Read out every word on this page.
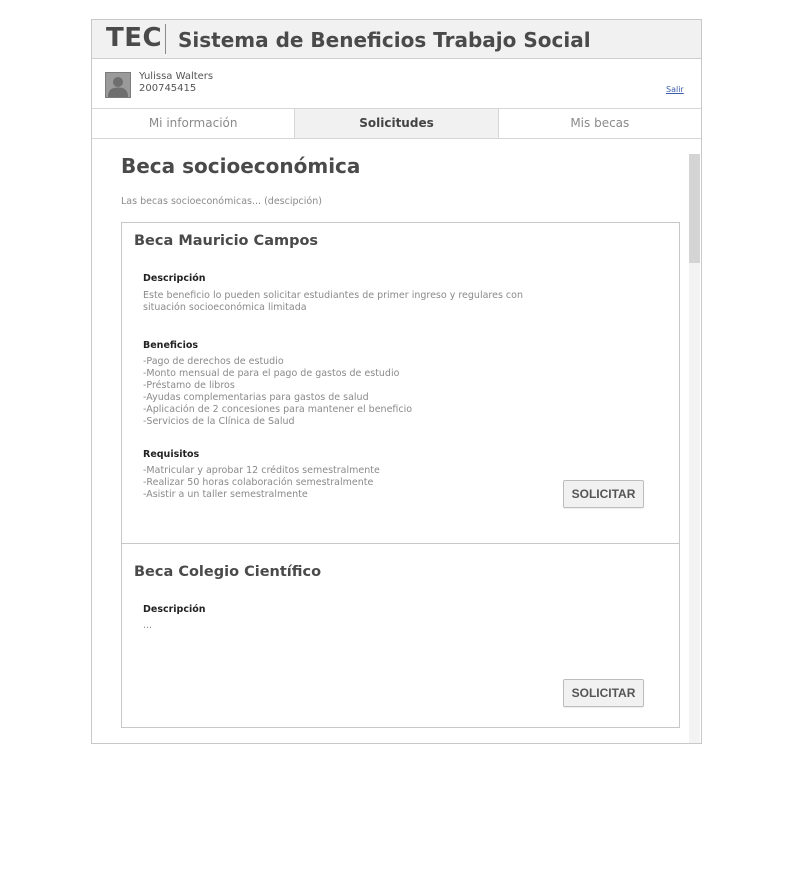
TEC Sistema de Beneficios Trabajo Social
Yulissa Walters
200745415	Salir
Mi información	Solicitudes	Mis becas
Beca socioeconómica
Las becas socioeconómicas... (descipción)
Beca Mauricio Campos
Descripción
Este beneficio lo pueden solicitar estudiantes de primer ingreso y regulares con
situación socioeconómica limitada
Beneficios
-Pago de derechos de estudio
-Monto mensual de para el pago de gastos de estudio
-Préstamo de libros
-Ayudas complementarias para gastos de salud
-Aplicación de 2 concesiones para mantener el beneficio
-Servicios de la Clínica de Salud
Requisitos
-Matricular y aprobar 12 créditos semestralmente
-Realizar 50 horas colaboración semestralmente
-Asistir a un taller semestralmente	SOLICITAR
Beca Colegio Científico
Descripción
...
SOLICITAR
